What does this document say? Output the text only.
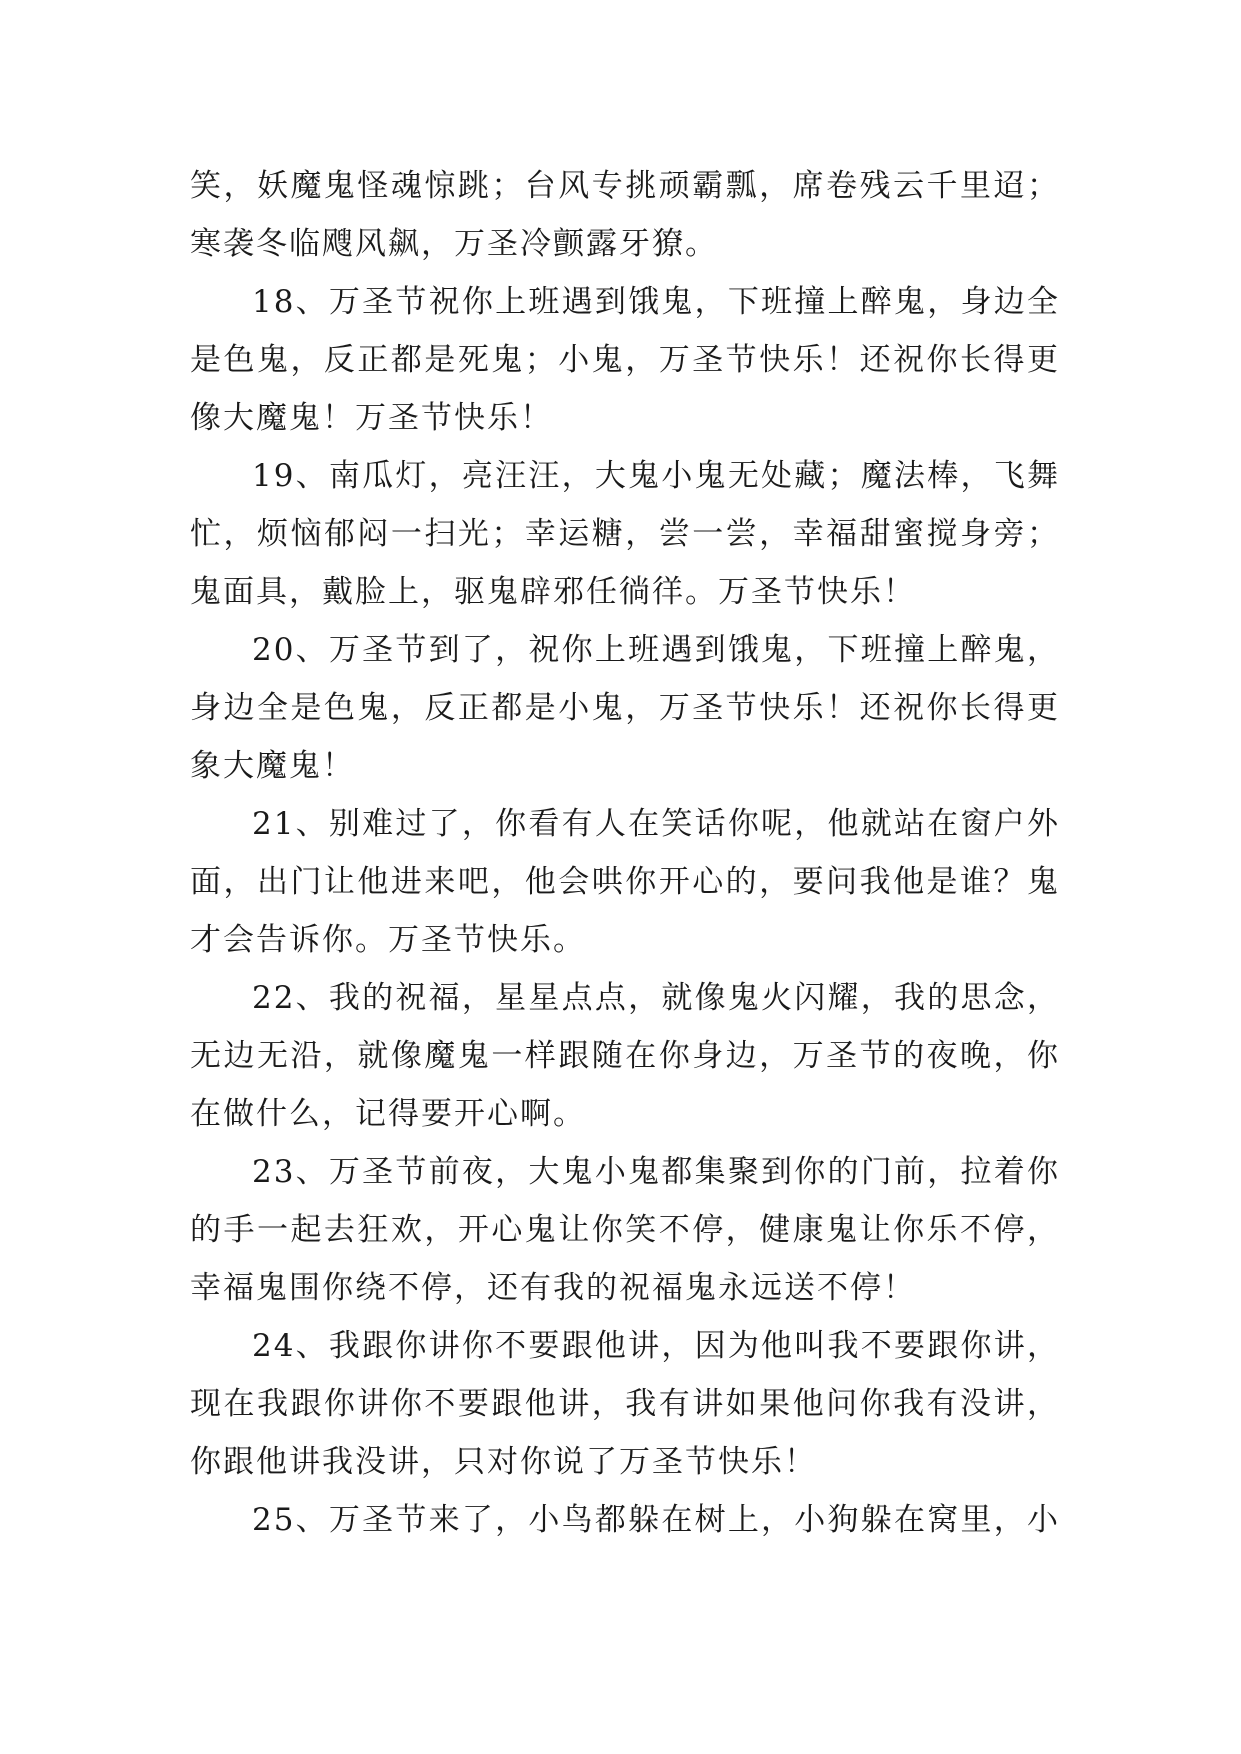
笑，妖魔鬼怪魂惊跳；台风专挑顽霸瓢，席卷残云千里迢；
寒袭冬临飕风飙，万圣冷颤露牙獠。
18、万圣节祝你上班遇到饿鬼，下班撞上醉鬼，身边全
是色鬼，反正都是死鬼；小鬼，万圣节快乐！还祝你长得更
像大魔鬼！万圣节快乐！
19、南瓜灯，亮汪汪，大鬼小鬼无处藏；魔法棒，飞舞
忙，烦恼郁闷一扫光；幸运糖，尝一尝，幸福甜蜜搅身旁；
鬼面具，戴脸上，驱鬼辟邪任徜徉。万圣节快乐！
20、万圣节到了，祝你上班遇到饿鬼，下班撞上醉鬼，
身边全是色鬼，反正都是小鬼，万圣节快乐！还祝你长得更
象大魔鬼！
21、别难过了，你看有人在笑话你呢，他就站在窗户外
面，出门让他进来吧，他会哄你开心的，要问我他是谁？鬼
才会告诉你。万圣节快乐。
22、我的祝福，星星点点，就像鬼火闪耀，我的思念，
无边无沿，就像魔鬼一样跟随在你身边，万圣节的夜晚，你
在做什么，记得要开心啊。
23、万圣节前夜，大鬼小鬼都集聚到你的门前，拉着你
的手一起去狂欢，开心鬼让你笑不停，健康鬼让你乐不停，
幸福鬼围你绕不停，还有我的祝福鬼永远送不停！
24、我跟你讲你不要跟他讲，因为他叫我不要跟你讲，
现在我跟你讲你不要跟他讲，我有讲如果他问你我有没讲，
你跟他讲我没讲，只对你说了万圣节快乐！
25、万圣节来了，小鸟都躲在树上，小狗躲在窝里，小
